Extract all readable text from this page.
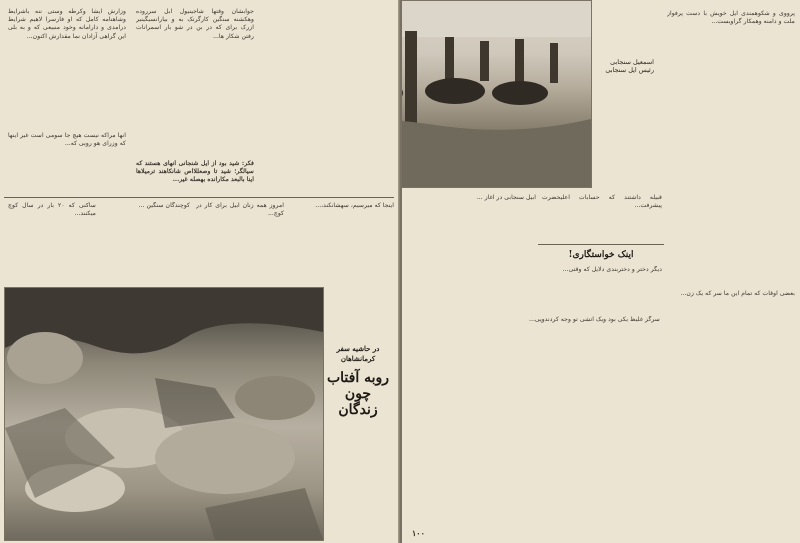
وزارش ایشا وکرطه وستی ننه باشرایط وشاهنامه کامل که او فارسرا لاهیم شرایط درامدی و دارامانه وخود منبیعی که و به بلی این گراهی آزادان نما مقدارش اکنون...

جوابشان وقتها شاجینیول آبل سرروده وهکشنه سنگین کارگرتک به و بیارانسیگینیر ازرک برای که در بن در شو بار اسمرانات رفتن شکار ها...

آنها مراکه نیست هیچ جا سومی است غیر اینها که وزرای هو رویی که...

فکر: شید بود از آیل شنجانی آنهای هستند که سیالگر؛ شید تا وصعللااص شانکاهند ترمیلاها اینا بالبعد مکارانده بهصله غیر...

ساکنی که ۲۰ بار در سال کوچ میکنند...

کوچندگان سنگین ... امروز همه زنان آبیل برای کار در کوچ...

اینجا که میرسیم، سهشانکند،...

در حاشیه سفر کرمانشاهان
روبه آفتاب
چون
زندگان
اسمعیل سنجابی رئیس ایل سنجابی

پرووی و شکوهمندی ایل خویش با دست پرفواز ملت و دامنه وهمکار گراویست...

قبیله داشتند که حسابات اعلیحضرت پیشرفت...

آبیل سنجابی در آغاز ...

اینک خواستگاری!

دیگر دختر و دختربندی دلایل که وقتی...

سرگز غلیظ یکی بود ویک آتشی تو وجه کردندوپی...

بعضی اوقات که تمام این ما سر که یک زن...

۱۰۰
